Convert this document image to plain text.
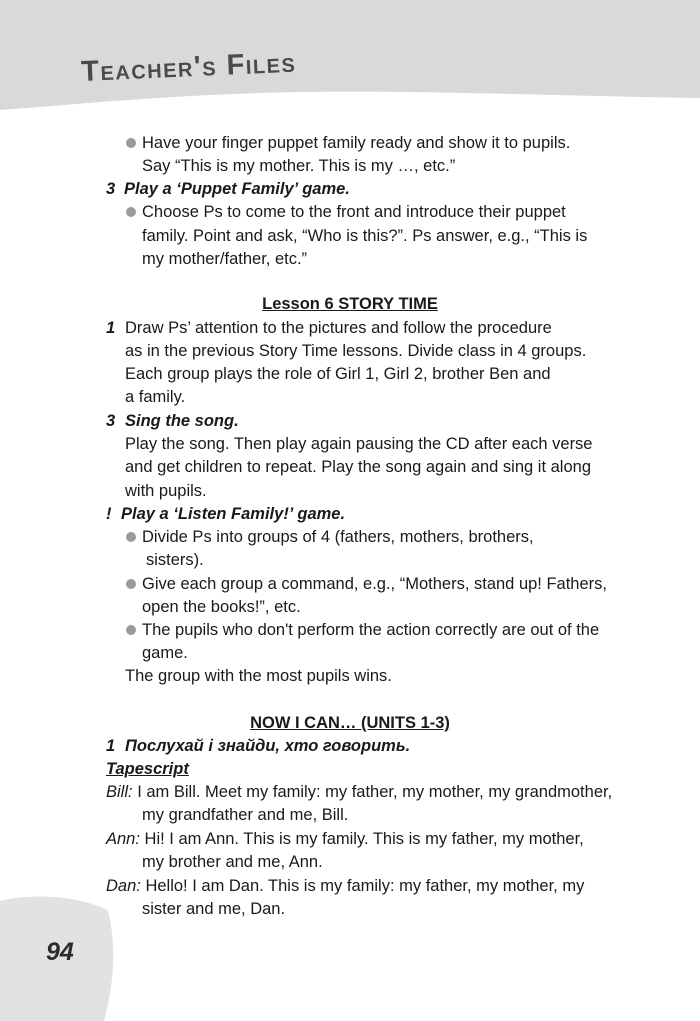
Teacher's Files
94
Have your finger puppet family ready and show it to pupils.
Say “This is my mother. This is my …, etc.”
3 Play a ‘Puppet Family’ game.
Choose Ps to come to the front and introduce their puppet
family. Point and ask, “Who is this?”. Ps answer, e.g., “This is
my mother/father, etc.”
Lesson 6 STORY TIME
1 Draw Ps’ attention to the pictures and follow the procedure
as in the previous Story Time lessons. Divide class in 4 groups.
Each group plays the role of Girl 1, Girl 2, brother Ben and
a family.
3 Sing the song.
Play the song. Then play again pausing the CD after each verse
and get children to repeat. Play the song again and sing it along
with pupils.
! Play a ‘Listen Family!’ game.
Divide Ps into groups of 4 (fathers, mothers, brothers,
sisters).
Give each group a command, e.g., “Mothers, stand up! Fathers,
open the books!”, etc.
The pupils who don't perform the action correctly are out of the
game.
The group with the most pupils wins.
NOW I CAN… (UNITS 1-3)
1 Послухай і знайди, хто говорить.
Tapescript
Bill: I am Bill. Meet my family: my father, my mother, my grandmother,
my grandfather and me, Bill.
Ann: Hi! I am Ann. This is my family. This is my father, my mother,
my brother and me, Ann.
Dan: Hello! I am Dan. This is my family: my father, my mother, my
sister and me, Dan.
